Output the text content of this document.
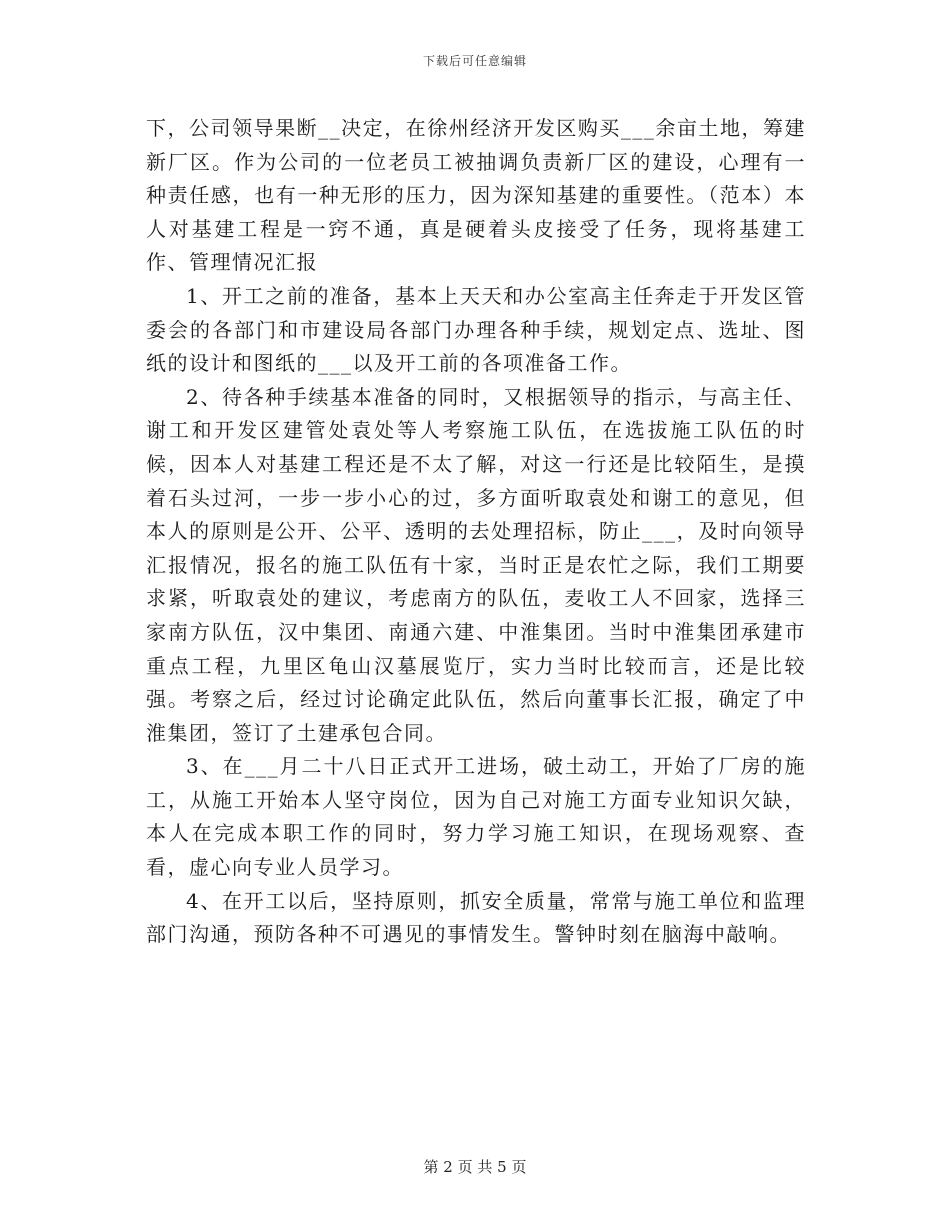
下载后可任意编辑

下，公司领导果断__决定，在徐州经济开发区购买___余亩土地，筹建新厂区。作为公司的一位老员工被抽调负责新厂区的建设，心理有一种责任感，也有一种无形的压力，因为深知基建的重要性。（范本）本人对基建工程是一窍不通，真是硬着头皮接受了任务，现将基建工作、管理情况汇报

1、开工之前的准备，基本上天天和办公室高主任奔走于开发区管委会的各部门和市建设局各部门办理各种手续，规划定点、选址、图纸的设计和图纸的___以及开工前的各项准备工作。

2、待各种手续基本准备的同时，又根据领导的指示，与高主任、谢工和开发区建管处袁处等人考察施工队伍，在选拔施工队伍的时候，因本人对基建工程还是不太了解，对这一行还是比较陌生，是摸着石头过河，一步一步小心的过，多方面听取袁处和谢工的意见，但本人的原则是公开、公平、透明的去处理招标，防止___，及时向领导汇报情况，报名的施工队伍有十家，当时正是农忙之际，我们工期要求紧，听取袁处的建议，考虑南方的队伍，麦收工人不回家，选择三家南方队伍，汉中集团、南通六建、中淮集团。当时中淮集团承建市重点工程，九里区龟山汉墓展览厅，实力当时比较而言，还是比较强。考察之后，经过讨论确定此队伍，然后向董事长汇报，确定了中淮集团，签订了土建承包合同。

3、在___月二十八日正式开工进场，破土动工，开始了厂房的施工，从施工开始本人坚守岗位，因为自己对施工方面专业知识欠缺，本人在完成本职工作的同时，努力学习施工知识，在现场观察、查看，虚心向专业人员学习。

4、在开工以后，坚持原则，抓安全质量，常常与施工单位和监理部门沟通，预防各种不可遇见的事情发生。警钟时刻在脑海中敲响。

第 2 页 共 5 页
